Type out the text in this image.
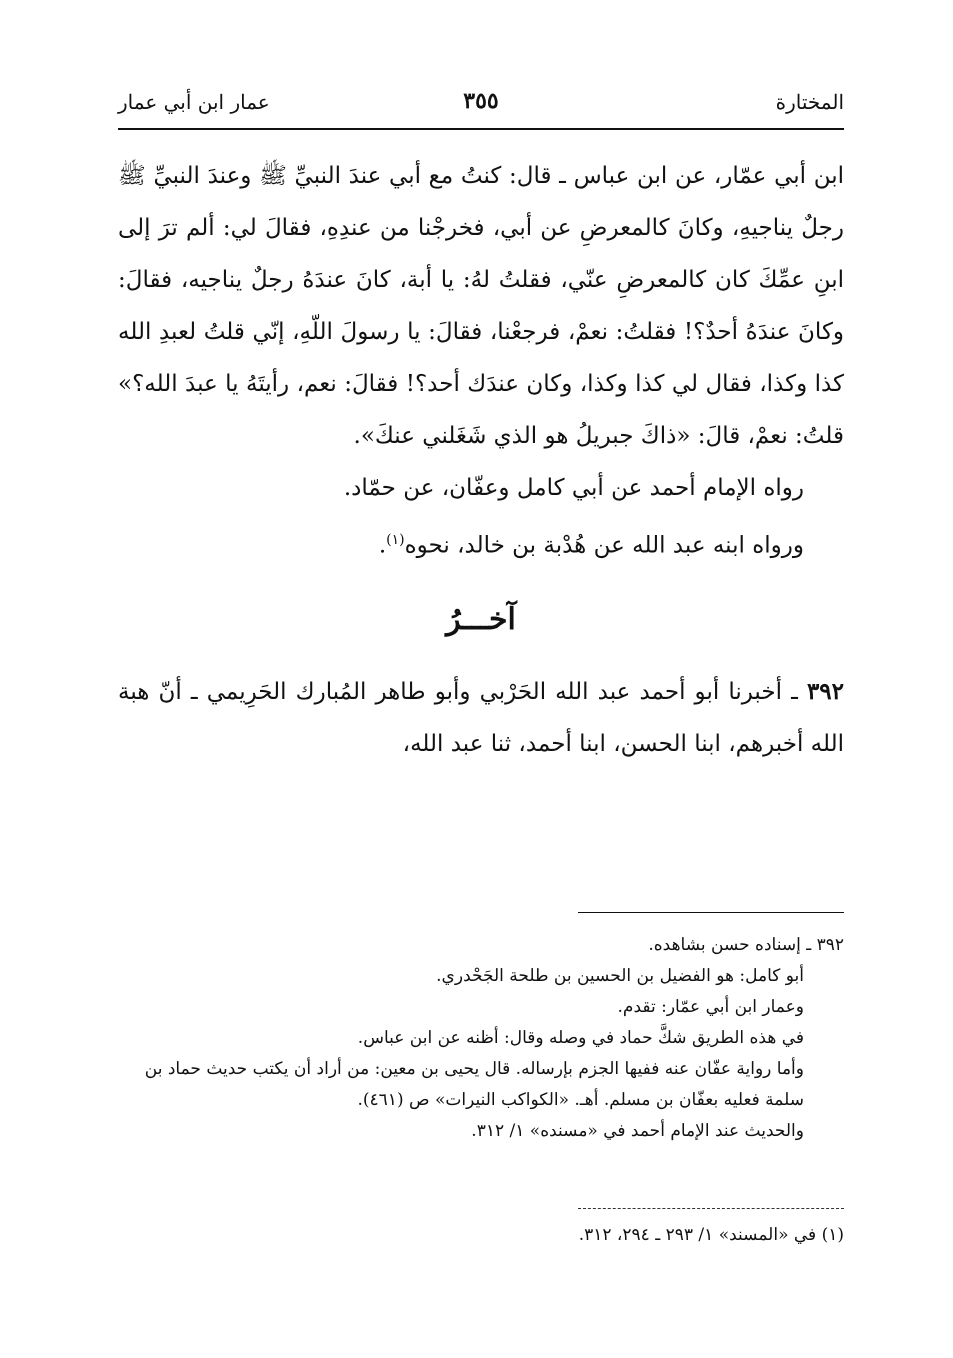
المختارة
٣٥٥
عمار ابن أبي عمار

ابن أبي عمّار، عن ابن عباس ـ قال: كنتُ مع أبي عندَ النبيِّ ﷺ وعندَ النبيِّ ﷺ رجلٌ يناجيهِ، وكانَ كالمعرضِ عن أبي، فخرجْنا من عندِهِ، فقالَ لي: ألم ترَ إلى ابنِ عمِّكَ كان كالمعرضِ عنّي، فقلتُ لهُ: يا أبة، كانَ عندَهُ رجلٌ يناجيه، فقالَ: وكانَ عندَهُ أحدٌ؟! فقلتُ: نعمْ، فرجعْنا، فقالَ: يا رسولَ اللّهِ، إنّي قلتُ لعبدِ الله كذا وكذا، فقال لي كذا وكذا، وكان عندَك أحد؟! فقالَ: نعم، رأيتَهُ يا عبدَ الله؟» قلتُ: نعمْ، قالَ: «ذاكَ جبريلُ هو الذي شَغَلني عنكَ».

رواه الإمام أحمد عن أبي كامل وعفّان، عن حمّاد.

ورواه ابنه عبد الله عن هُدْبة بن خالد، نحوه$^{(١)}$.

آخـــرُ

٣٩٢ ـ أخبرنا أبو أحمد عبد الله الحَرْبي وأبو طاهر المُبارك الحَرِيمي ـ أنّ هبة الله أخبرهم، ابنا الحسن، ابنا أحمد، ثنا عبد الله،

٣٩٢ ـ إسناده حسن بشاهده.

أبو كامل: هو الفضيل بن الحسين بن طلحة الجَحْدري.

وعمار ابن أبي عمّار: تقدم.

في هذه الطريق شكَّ حماد في وصله وقال: أظنه عن ابن عباس.

وأما رواية عفّان عنه ففيها الجزم بإرساله. قال يحيى بن معين: من أراد أن يكتب حديث حماد بن سلمة فعليه بعفّان بن مسلم. أهـ. «الكواكب النيرات» ص (٤٦١).

والحديث عند الإمام أحمد في «مسنده» ١/ ٣١٢.

(١) في «المسند» ١/ ٢٩٣ ـ ٢٩٤، ٣١٢.
